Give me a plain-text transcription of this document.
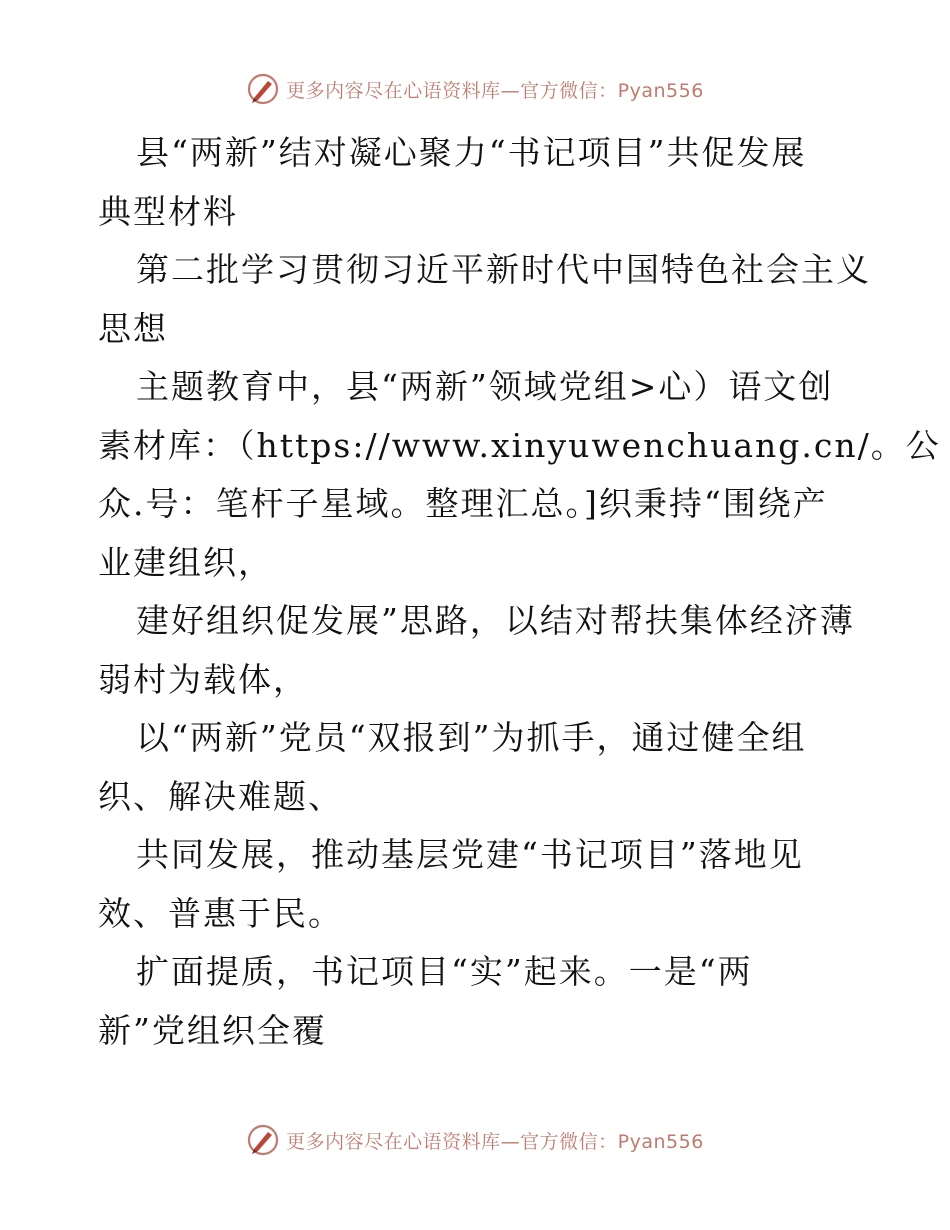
更多内容尽在心语资料库—官方微信：Pyan556
县“两新”结对凝心聚力“书记项目”共促发展
典型材料
第二批学习贯彻习近平新时代中国特色社会主义
思想
主题教育中，县“两新”领域党组>心）语文创
素材库：（https://www.xinyuwenchuang.cn/。公
众.号：笔杆子星域。整理汇总。]织秉持“围绕产
业建组织，
建好组织促发展”思路，以结对帮扶集体经济薄
弱村为载体，
以“两新”党员“双报到”为抓手，通过健全组
织、解决难题、
共同发展，推动基层党建“书记项目”落地见
效、普惠于民。
扩面提质，书记项目“实”起来。一是“两
新”党组织全覆
更多内容尽在心语资料库—官方微信：Pyan556
